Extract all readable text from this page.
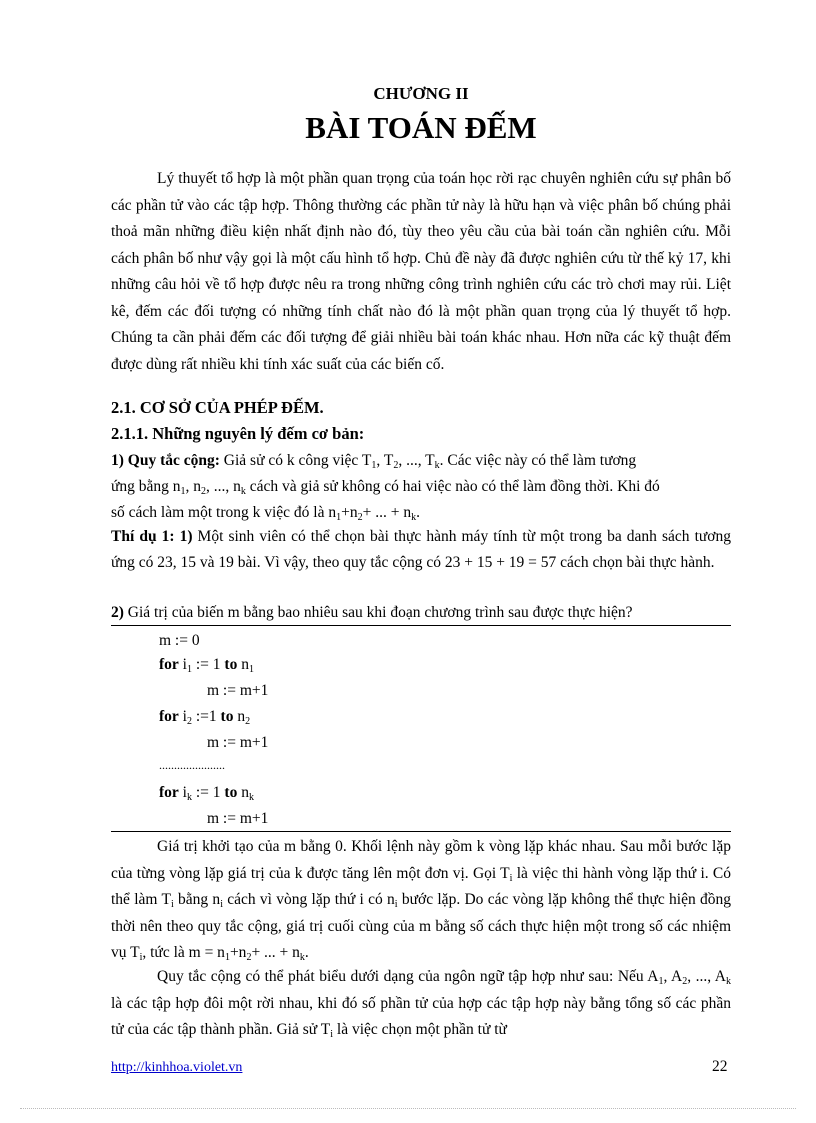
CHƯƠNG II
BÀI TOÁN ĐẾM
Lý thuyết tổ hợp là một phần quan trọng của toán học rời rạc chuyên nghiên cứu sự phân bố các phần tử vào các tập hợp. Thông thường các phần tử này là hữu hạn và việc phân bố chúng phải thoả mãn những điều kiện nhất định nào đó, tùy theo yêu cầu của bài toán cần nghiên cứu. Mỗi cách phân bố như vậy gọi là một cấu hình tổ hợp. Chủ đề này đã được nghiên cứu từ thế kỷ 17, khi những câu hỏi về tổ hợp được nêu ra trong những công trình nghiên cứu các trò chơi may rủi. Liệt kê, đếm các đối tượng có những tính chất nào đó là một phần quan trọng của lý thuyết tổ hợp. Chúng ta cần phải đếm các đối tượng để giải nhiều bài toán khác nhau. Hơn nữa các kỹ thuật đếm được dùng rất nhiều khi tính xác suất của các biến cố.
2.1. CƠ SỞ CỦA PHÉP ĐẾM.
2.1.1. Những nguyên lý đếm cơ bản:
1) Quy tắc cộng: Giả sử có k công việc $T_1$, $T_2$, ..., $T_k$. Các việc này có thể làm tương
ứng bằng $n_1$, $n_2$, ..., $n_k$ cách và giả sử không có hai việc nào có thể làm đồng thời. Khi đó
số cách làm một trong k việc đó là $n_1+n_2+$ ... + $n_k$.
Thí dụ 1: 1) Một sinh viên có thể chọn bài thực hành máy tính từ một trong ba danh sách tương ứng có 23, 15 và 19 bài. Vì vậy, theo quy tắc cộng có 23 + 15 + 19 = 57 cách chọn bài thực hành.
2) Giá trị của biến m bằng bao nhiêu sau khi đoạn chương trình sau được thực hiện?
m := 0
for $i_1$ := 1 to $n_1$
m := m+1
for $i_2$ :=1 to $n_2$
m := m+1
......................
for $i_k$ := 1 to $n_k$
m := m+1
Giá trị khởi tạo của m bằng 0. Khối lệnh này gồm k vòng lặp khác nhau. Sau mỗi bước lặp của từng vòng lặp giá trị của k được tăng lên một đơn vị. Gọi $T_i$ là việc thi hành vòng lặp thứ i. Có thể làm $T_i$ bằng $n_i$ cách vì vòng lặp thứ i có $n_i$ bước lặp. Do các vòng lặp không thể thực hiện đồng thời nên theo quy tắc cộng, giá trị cuối cùng của m bằng số cách thực hiện một trong số các nhiệm vụ $T_i$, tức là $m = n_1+n_2+$ ... + $n_k$.
Quy tắc cộng có thể phát biểu dưới dạng của ngôn ngữ tập hợp như sau: Nếu $A_1$, $A_2$, ..., $A_k$ là các tập hợp đôi một rời nhau, khi đó số phần tử của hợp các tập hợp này bằng tổng số các phần tử của các tập thành phần. Giả sử $T_i$ là việc chọn một phần tử từ
http://kinhhoa.violet.vn	22
